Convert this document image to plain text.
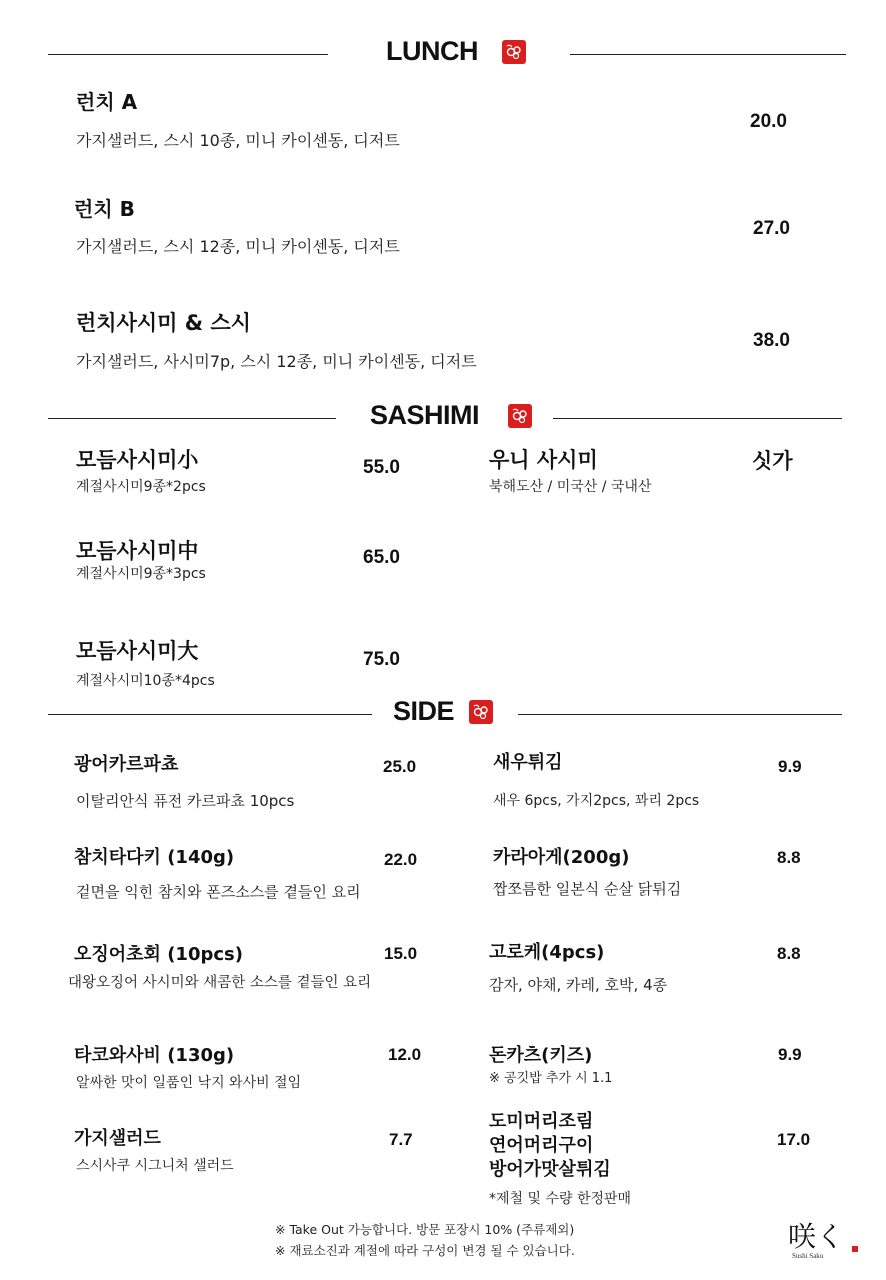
LUNCH
런치 A
가지샐러드, 스시 10종, 미니 카이센동, 디저트
20.0
런치 B
가지샐러드, 스시 12종, 미니 카이센동, 디저트
27.0
런치사시미 & 스시
가지샐러드, 사시미7p, 스시 12종, 미니 카이센동, 디저트
38.0
SASHIMI
모듬사시미小
계절사시미9종*2pcs
55.0
모듬사시미中
계절사시미9종*3pcs
65.0
모듬사시미大
계절사시미10종*4pcs
75.0
우니 사시미
북해도산 / 미국산 / 국내산
싯가
SIDE
광어카르파쵸
이탈리안식 퓨전 카르파쵸 10pcs
25.0
참치타다키 (140g)
겉면을 익힌 참치와 폰즈소스를 곁들인 요리
22.0
오징어초회 (10pcs)
대왕오징어 사시미와 새콤한 소스를 곁들인 요리
15.0
타코와사비 (130g)
알싸한 맛이 일품인 낙지 와사비 절임
12.0
가지샐러드
스시사쿠 시그니처 샐러드
7.7
새우튀김
새우 6pcs, 가지2pcs, 꽈리 2pcs
9.9
카라아게(200g)
짭쪼름한 일본식 순살 닭튀김
8.8
고로케(4pcs)
감자, 야채, 카레, 호박, 4종
8.8
돈카츠(키즈)
※ 공깃밥 추가 시 1.1
9.9
도미머리조림
연어머리구이
방어가맛살튀김
*제철 및 수량 한정판매
17.0
※ Take Out 가능합니다. 방문 포장시 10% (주류제외)
※ 재료소진과 계절에 따라 구성이 변경 될 수 있습니다.	咲く
Sushi Saku
